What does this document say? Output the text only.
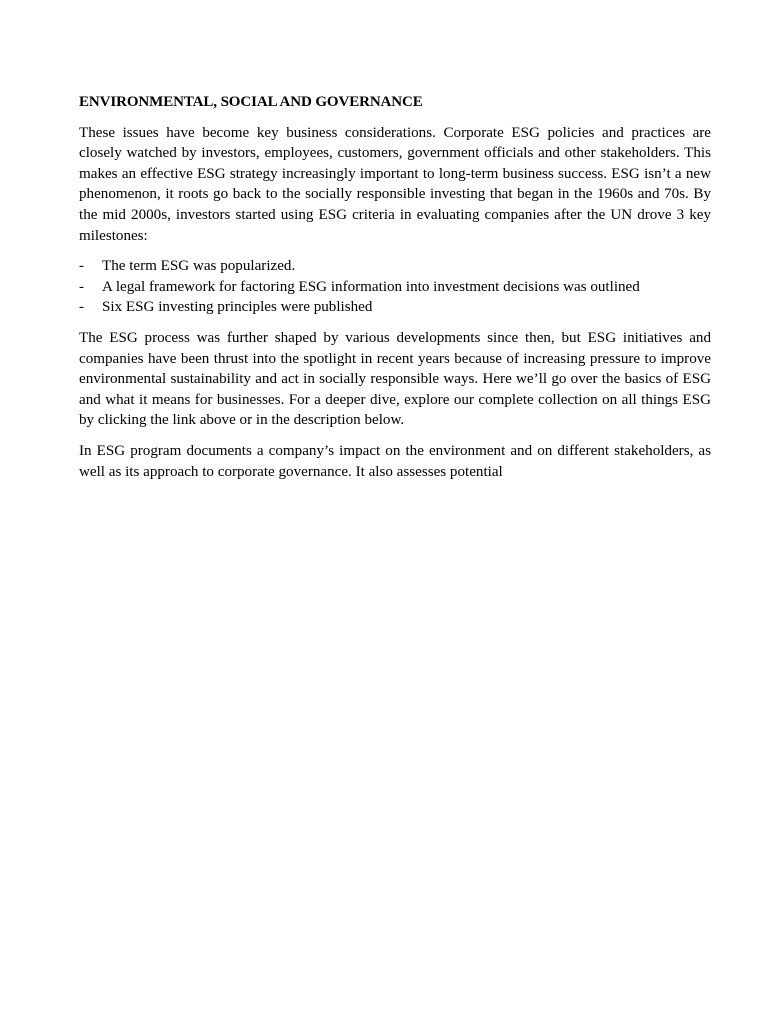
ENVIRONMENTAL, SOCIAL AND GOVERNANCE

These issues have become key business considerations. Corporate ESG policies and practices are closely watched by investors, employees, customers, government officials and other stakeholders. This makes an effective ESG strategy increasingly important to long-term business success. ESG isn’t a new phenomenon, it roots go back to the socially responsible investing that began in the 1960s and 70s. By the mid 2000s, investors started using ESG criteria in evaluating companies after the UN drove 3 key milestones:

-	The term ESG was popularized.
-	A legal framework for factoring ESG information into investment decisions was outlined
-	Six ESG investing principles were published

The ESG process was further shaped by various developments since then, but ESG initiatives and companies have been thrust into the spotlight in recent years because of increasing pressure to improve environmental sustainability and act in socially responsible ways. Here we’ll go over the basics of ESG and what it means for businesses. For a deeper dive, explore our complete collection on all things ESG by clicking the link above or in the description below.

In ESG program documents a company’s impact on the environment and on different stakeholders, as well as its approach to corporate governance. It also assesses potential
